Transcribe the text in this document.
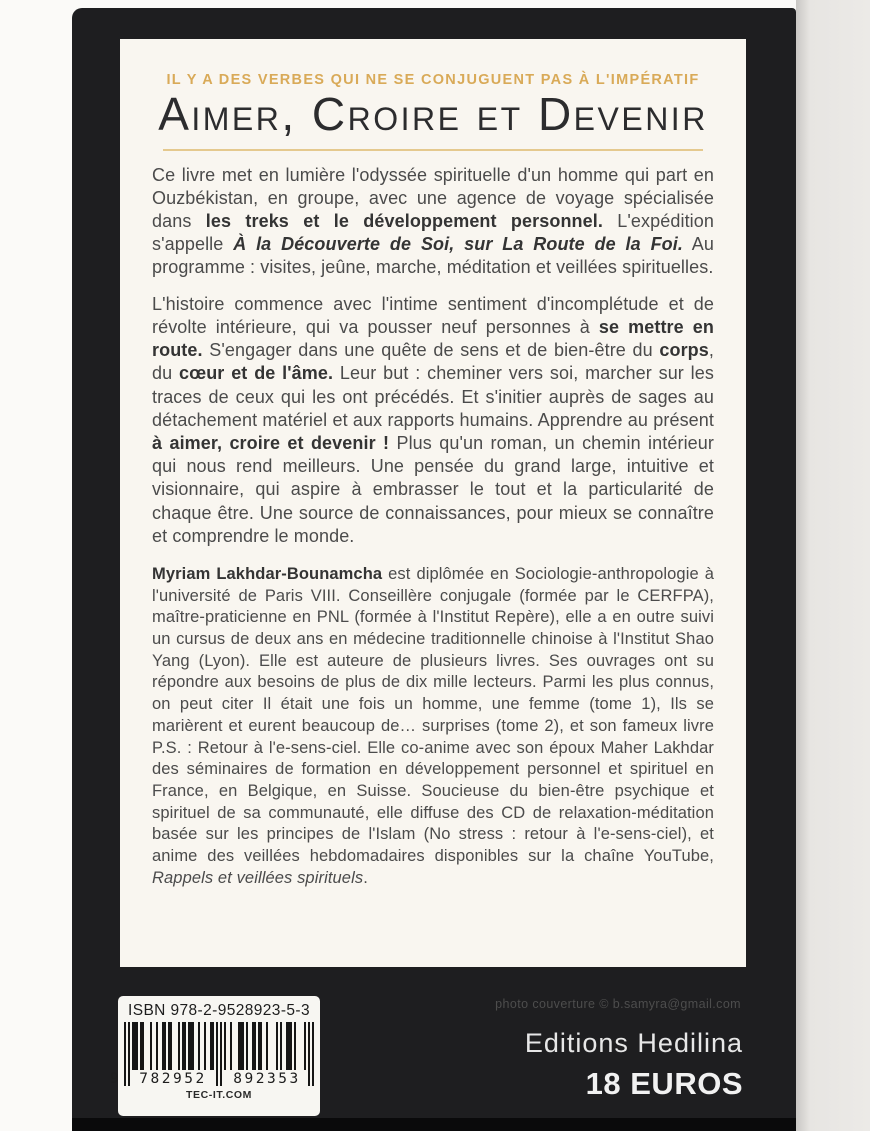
IL Y A DES VERBES QUI NE SE CONJUGUENT PAS À L'IMPÉRATIF
Aimer, Croire et Devenir

Ce livre met en lumière l'odyssée spirituelle d'un homme qui part en Ouzbékistan, en groupe, avec une agence de voyage spécialisée dans les treks et le développement personnel. L'expédition s'appelle À la Découverte de Soi, sur La Route de la Foi. Au programme : visites, jeûne, marche, méditation et veillées spirituelles.

L'histoire commence avec l'intime sentiment d'incomplétude et de révolte intérieure, qui va pousser neuf personnes à se mettre en route. S'engager dans une quête de sens et de bien-être du corps, du cœur et de l'âme. Leur but : cheminer vers soi, marcher sur les traces de ceux qui les ont précédés. Et s'initier auprès de sages au détachement matériel et aux rapports humains. Apprendre au présent à aimer, croire et devenir ! Plus qu'un roman, un chemin intérieur qui nous rend meilleurs. Une pensée du grand large, intuitive et visionnaire, qui aspire à embrasser le tout et la particularité de chaque être. Une source de connaissances, pour mieux se connaître et comprendre le monde.

Myriam Lakhdar-Bounamcha est diplômée en Sociologie-anthropologie à l'université de Paris VIII. Conseillère conjugale (formée par le CERFPA), maître-praticienne en PNL (formée à l'Institut Repère), elle a en outre suivi un cursus de deux ans en médecine traditionnelle chinoise à l'Institut Shao Yang (Lyon). Elle est auteure de plusieurs livres. Ses ouvrages ont su répondre aux besoins de plus de dix mille lecteurs. Parmi les plus connus, on peut citer Il était une fois un homme, une femme (tome 1), Ils se marièrent et eurent beaucoup de… surprises (tome 2), et son fameux livre P.S. : Retour à l'e-sens-ciel. Elle co-anime avec son époux Maher Lakhdar des séminaires de formation en développement personnel et spirituel en France, en Belgique, en Suisse. Soucieuse du bien-être psychique et spirituel de sa communauté, elle diffuse des CD de relaxation-méditation basée sur les principes de l'Islam (No stress : retour à l'e-sens-ciel), et anime des veillées hebdomadaires disponibles sur la chaîne YouTube, Rappels et veillées spirituels.

ISBN 978-2-9528923-5-3
9	782952	892353
TEC-IT.COM
photo couverture © b.samyra@gmail.com
Editions Hedilina
18 EUROS
